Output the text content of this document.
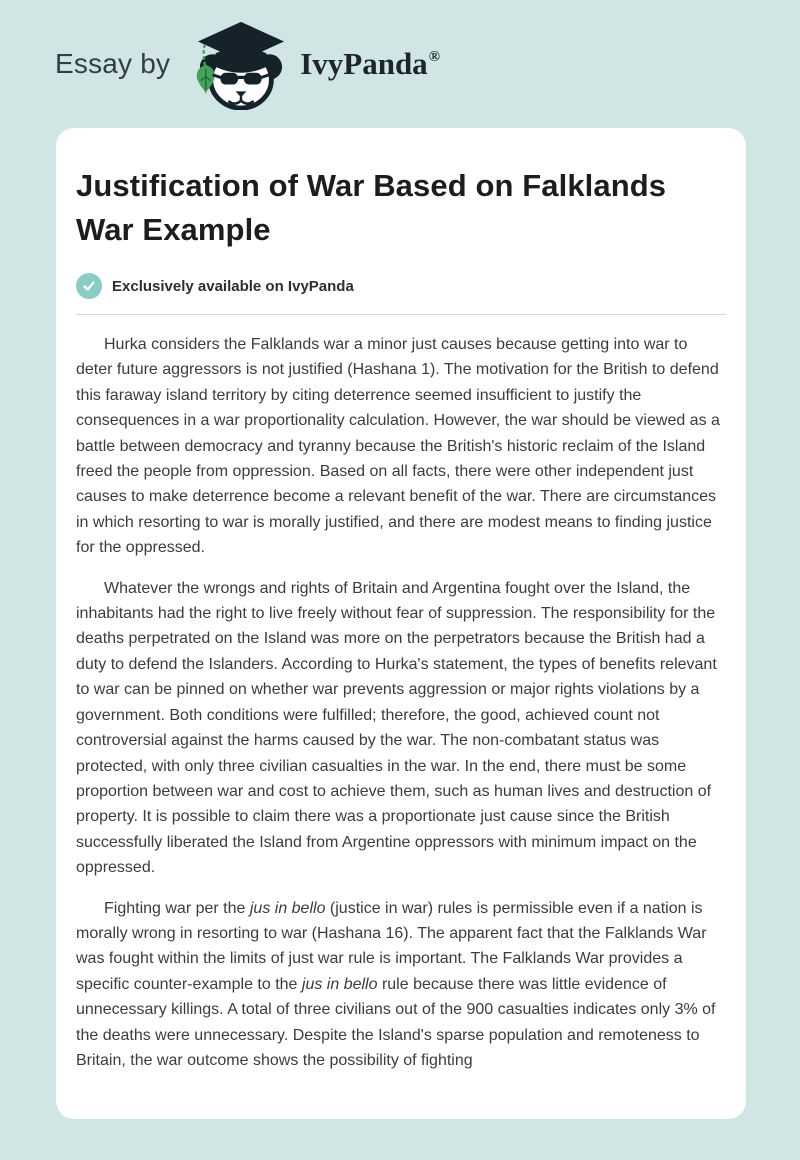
Essay by	IvyPanda®
Justification of War Based on Falklands War Example
Exclusively available on IvyPanda

Hurka considers the Falklands war a minor just causes because getting into war to deter future aggressors is not justified (Hashana 1). The motivation for the British to defend this faraway island territory by citing deterrence seemed insufficient to justify the consequences in a war proportionality calculation. However, the war should be viewed as a battle between democracy and tyranny because the British's historic reclaim of the Island freed the people from oppression. Based on all facts, there were other independent just causes to make deterrence become a relevant benefit of the war. There are circumstances in which resorting to war is morally justified, and there are modest means to finding justice for the oppressed.

Whatever the wrongs and rights of Britain and Argentina fought over the Island, the inhabitants had the right to live freely without fear of suppression. The responsibility for the deaths perpetrated on the Island was more on the perpetrators because the British had a duty to defend the Islanders. According to Hurka's statement, the types of benefits relevant to war can be pinned on whether war prevents aggression or major rights violations by a government. Both conditions were fulfilled; therefore, the good, achieved count not controversial against the harms caused by the war. The non-combatant status was protected, with only three civilian casualties in the war. In the end, there must be some proportion between war and cost to achieve them, such as human lives and destruction of property. It is possible to claim there was a proportionate just cause since the British successfully liberated the Island from Argentine oppressors with minimum impact on the oppressed.

Fighting war per the jus in bello (justice in war) rules is permissible even if a nation is morally wrong in resorting to war (Hashana 16). The apparent fact that the Falklands War was fought within the limits of just war rule is important. The Falklands War provides a specific counter-example to the jus in bello rule because there was little evidence of unnecessary killings. A total of three civilians out of the 900 casualties indicates only 3% of the deaths were unnecessary. Despite the Island's sparse population and remoteness to Britain, the war outcome shows the possibility of fighting
